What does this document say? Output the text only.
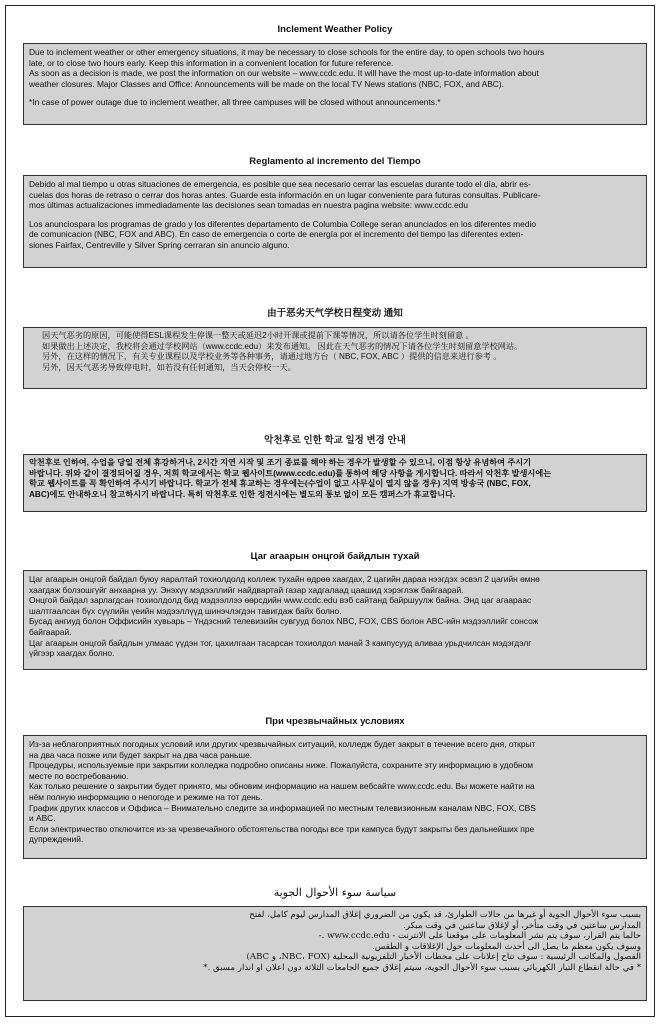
Inclement Weather Policy

Due to inclement weather or other emergency situations, it may be necessary to close schools for the entire day, to open schools two hours

late, or to close two hours early. Keep this information in a convenient location for future reference.

As soon as a decision is made, we post the information on our website – www.ccdc.edu. It will have the most up-to-date information about

weather closures. Major Classes and Office: Announcements will be made on the local TV News stations (NBC, FOX, and ABC).

*In case of power outage due to inclement weather, all three campuses will be closed without announcements.*

Reglamento al incremento del Tiempo

Debido al mal tiempo u otras situaciones de emergencia, es posible que sea necesario cerrar las escuelas durante todo el día, abrir es-

cuelas dos horas de retraso o cerrar dos horas antes. Guarde esta información en un lugar conveniente para futuras consultas. Publicare-

mos últimas actualizaciones immediadamente las decisiones sean tomadas en nuestra pagina website: www.ccdc.edu

Los anunciospara los programas de grado y los diferentes departamento de Columbia College seran anunciados en los diferentes medio

de comunicacion (NBC, FOX and ABC). En caso de emergencia o corte de energía por el incremento del tiempo las diferentes exten-

siones Fairfax, Centreville y Silver Spring cerraran sin anuncio alguno.

由于恶劣天气学校日程变动 通知

因天气恶劣的原因，可能使得ESL课程发生停课一整天或延迟2小时开课或提前下课等情况，所以请各位学生时刻留意 。

如果做出上述决定，我校将会通过学校网站（www.ccdc.edu）来发布通知。 因此在天气恶劣的情况下请各位学生时刻留意学校网站。

另外，在这样的情况下，有关专业课程以及学校业务等各种事务，请通过地方台（ NBC, FOX, ABC ）提供的信息来进行参考 。

另外，因天气恶劣导致停电时，如若没有任何通知，当天会停校一天。

악천후로 인한 학교 일정 변경 안내

악천후로 인하여, 수업을 당일 전체 휴강하거나, 2시간 지연 시작 및 조기 종료를 해야 하는 경우가 발생할 수 있으니, 이점 항상 유념하여 주시기

바랍니다. 위와 같이 결정되어질 경우, 저희 학교에서는 학교 웹사이트(www.ccdc.edu)를 통하여 해당 사항을 게시합니다. 따라서 악천후 발생시에는

학교 웹사이트를 꼭 확인하여 주시기 바랍니다. 학교가 전체 휴교하는 경우에는(수업이 없고 사무실이 열지 않을 경우) 지역 방송국 (NBC, FOX,

ABC)에도 안내하오니 참고하시기 바랍니다. 특히 악천후로 인한 정전시에는 별도의 통보 없이 모든 캠퍼스가 휴교합니다.

Цаг агаарын онцгой байдлын тухай

Цаг агаарын онцгой байдал буюу яаралтай тохиолдолд коллеж тухайн өдрөө хаагдах, 2 цагийн дараа нээгдэх эсвэл 2 цагийн өмнө

хаагдаж болзошгүйг анхаарна уу. Энэхүү мэдээллийг найдвартай газар хадгалаад цаашид хэрэглэж байгаарай.

Онцгой байдал зарлагдсан тохиолдолд бид мэдээллээ өөрсдийн www.ccdc.edu вэб сайтанд байршуулж байна. Энд цаг агаараас

шалтгаалсан бүх сүүлийн үеийн мэдээллүүд шинэчлэгдэн тавигдаж байх болно.

Бусад ангиуд болон Оффисийн хувьарь – Үндэсний телевизийн сувгууд болох NBC, FOX, CBS болон ABC-ийн мэдээллийг сонсож

байгаарай.

Цаг агаарын онцгой байдлын улмаас үүдэн тог, цахилгаан тасарсан тохиолдол манай 3 кампусууд аливаа урьдчилсан мэдэгдэлг

үйгээр хаагдах болно.

При чрезвычайных условиях

Из-за неблагоприятных погодных условий или других чрезвычайных ситуаций, колледж будет закрыт в течение всего дня, открыт

на два часа позже или будет закрыт на два часа раньше.

Процедуры, используемые при закрытии колледжа подробно описаны ниже. Пожалуйста, сохраните эту информацию в удобном

месте по востребованию.

Как только решение о закрытии будет принято, мы обновим информацию на нашем вебсайте www.ccdc.edu. Вы можете найти на

нём полную информацию о непогоде и режиме на тот день.

График других классов и Оффиса – Внимательно следите за информацией по местным телевизионным каналам NBC, FOX, CBS

и ABC.

Если электричество отключится из-за чрезвечайного обстоятельства погоды все три кампуса будут закрыты без дальнейших пре

дупреждений.

سياسة سوء الأحوال الجوية

بسبب سوء الأحوال الجوية أو غيرها من حالات الطوارئ، قد يكون من الضروري إغلاق المدارس ليوم كامل، لفتح

المدارس ساعتين في وقت متأخر، أو لإغلاق ساعتين في وقت مبكر.

حالما يتم القرار، سوف يتم نشر المعلومات على موقعنا على الانترنت - www.ccdc.edu .-

وسوف يكون معظم ما يصل الى أحدث المعلومات حول الإغلاقات و الطقس.

الفصول والمكاتب الرئيسية : سوف تتاح إعلانات على محطات الأخبار التلفزيونية المحلية (NBC، FOX، و ABC)

* في حالة انقطاع التيار الكهربائي بسبب سوء الأحوال الجوية، سيتم إغلاق جميع الجامعات الثلاثة دون اعلان او انذار مسبق .*
